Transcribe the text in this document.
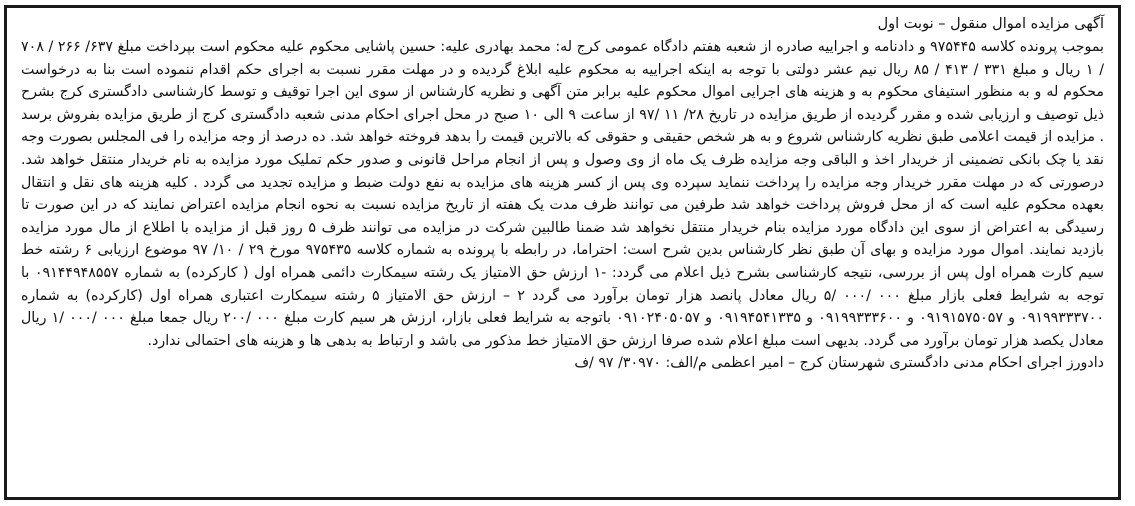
آگهی مزایده اموال منقول – نوبت اول

بموجب پرونده کلاسه ۹۷۵۴۴۵ و دادنامه و اجراییه صادره از شعبه هفتم دادگاه عمومی کرج له: محمد بهادری علیه: حسین پاشایی محکوم علیه محکوم است بپرداخت مبلغ ۶۳۷/ ۲۶۶ / ۷۰۸ / ۱ ریال و مبلغ ۳۳۱ / ۴۱۳ / ۸۵ ریال نیم عشر دولتی با توجه به اینکه اجراییه به محکوم علیه ابلاغ گردیده و در مهلت مقرر نسبت به اجرای حکم اقدام ننموده است بنا به درخواست محکوم له و به منظور استیفای محکوم به و هزینه های اجرایی اموال محکوم علیه برابر متن آگهی و نظریه کارشناس از سوی این اجرا توقیف و توسط کارشناسی دادگستری کرج بشرح ذیل توصیف و ارزیابی شده و مقرر گردیده از طریق مزایده در تاریخ ۲۸/ ۱۱ /۹۷ از ساعت ۹ الی ۱۰ صبح در محل اجرای احکام مدنی شعبه دادگستری کرج از طریق مزایده بفروش برسد . مزایده از قیمت اعلامی طبق نظریه کارشناس شروع و به هر شخص حقیقی و حقوقی که بالاترین قیمت را بدهد فروخته خواهد شد. ده درصد از وجه مزایده را فی المجلس بصورت وجه نقد یا چک بانکی تضمینی از خریدار اخذ و الباقی وجه مزایده ظرف یک ماه از وی وصول و پس از انجام مراحل قانونی و صدور حکم تملیک مورد مزایده به نام خریدار منتقل خواهد شد. درصورتی که در مهلت مقرر خریدار وجه مزایده را پرداخت ننماید سپرده وی پس از کسر هزینه های مزایده به نفع دولت ضبط و مزایده تجدید می گردد . کلیه هزینه های نقل و انتقال بعهده محکوم علیه است که از محل فروش پرداخت خواهد شد طرفین می توانند ظرف مدت یک هفته از تاریخ مزایده نسبت به نحوه انجام مزایده اعتراض نمایند که در این صورت تا رسیدگی به اعتراض از سوی این دادگاه مورد مزایده بنام خریدار منتقل نخواهد شد ضمنا طالبین شرکت در مزایده می توانند ظرف ۵ روز قبل از مزایده با اطلاع از مال مورد مزایده بازدید نمایند. اموال مورد مزایده و بهای آن طبق نظر کارشناس بدین شرح است: احتراما، در رابطه با پرونده به شماره کلاسه ۹۷۵۴۳۵ مورخ ۲۹ / ۱۰/ ۹۷ موضوع ارزیابی ۶ رشته خط سیم کارت همراه اول پس از بررسی، نتیجه کارشناسی بشرح ذیل اعلام می گردد: -۱ ارزش حق الامتیاز یک رشته سیمکارت دائمی همراه اول ( کارکرده) به شماره ۰۹۱۴۴۹۴۸۵۵۷ با توجه به شرایط فعلی بازار مبلغ ۰۰۰ /۰۰۰ /۵ ریال معادل پانصد هزار تومان برآورد می گردد ۲ – ارزش حق الامتیاز ۵ رشته سیمکارت اعتباری همراه اول (کارکرده) به شماره ۰۹۱۹۹۳۳۳۷۰۰ و ۰۹۱۹۱۵۷۵۰۵۷ و ۰۹۱۹۹۳۳۳۶۰۰ و ۰۹۱۹۴۵۴۱۳۳۵ و ۰۹۱۰۲۴۰۵۰۵۷ باتوجه به شرایط فعلی بازار، ارزش هر سیم کارت مبلغ ۰۰۰ /۲۰۰ ریال جمعا مبلغ ۰۰۰ /۰۰۰ /۱ ریال معادل یکصد هزار تومان برآورد می گردد. بدیهی است مبلغ اعلام شده صرفا ارزش حق الامتیاز خط مذکور می باشد و ارتباط به بدهی ها و هزینه های احتمالی ندارد.

دادورز اجرای احکام مدنی دادگستری شهرستان کرج – امیر اعظمی م/الف: ۳۰۹۷۰/ ۹۷ /ف
